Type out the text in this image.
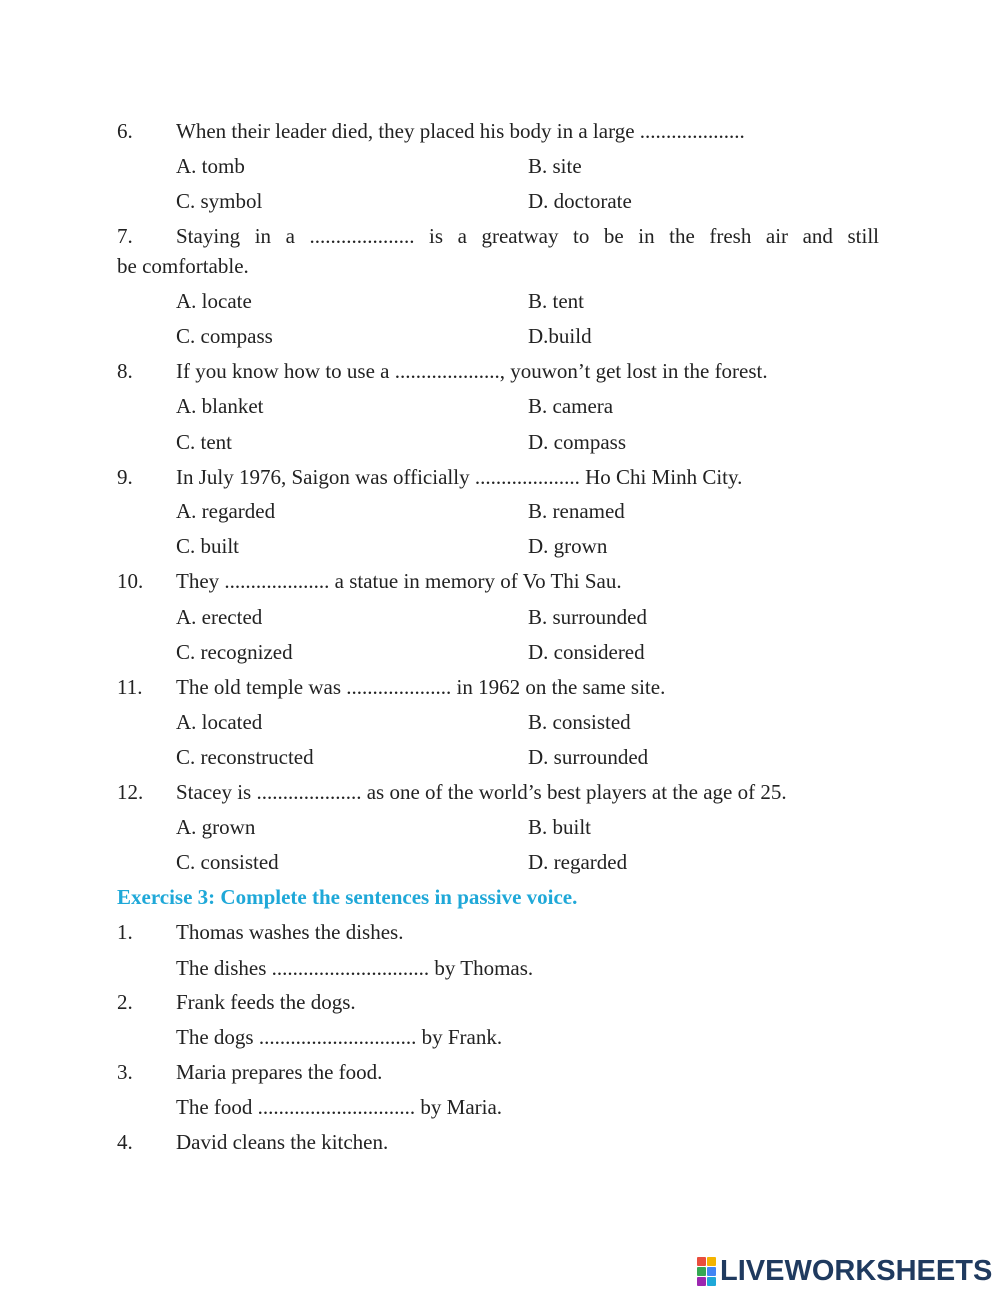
6. When their leader died, they placed his body in a large ....................
A. tomb	B. site
C. symbol	D. doctorate
7. Staying in a .................... is a greatway to be in the fresh air and still
be comfortable.
A. locate	B. tent
C. compass	D.build
8. If you know how to use a ...................., youwon’t get lost in the forest.
A. blanket	B. camera
C. tent	D. compass
9. In July 1976, Saigon was officially .................... Ho Chi Minh City.
A. regarded	B. renamed
C. built	D. grown
10. They .................... a statue in memory of Vo Thi Sau.
A. erected	B. surrounded
C. recognized	D. considered
11. The old temple was .................... in 1962 on the same site.
A. located	B. consisted
C. reconstructed	D. surrounded
12. Stacey is .................... as one of the world’s best players at the age of 25.
A. grown	B. built
C. consisted	D. regarded
Exercise 3: Complete the sentences in passive voice.
1. Thomas washes the dishes.
The dishes .............................. by Thomas.
2. Frank feeds the dogs.
The dogs .............................. by Frank.
3. Maria prepares the food.
The food .............................. by Maria.
4. David cleans the kitchen.
LIVEWORKSHEETS
